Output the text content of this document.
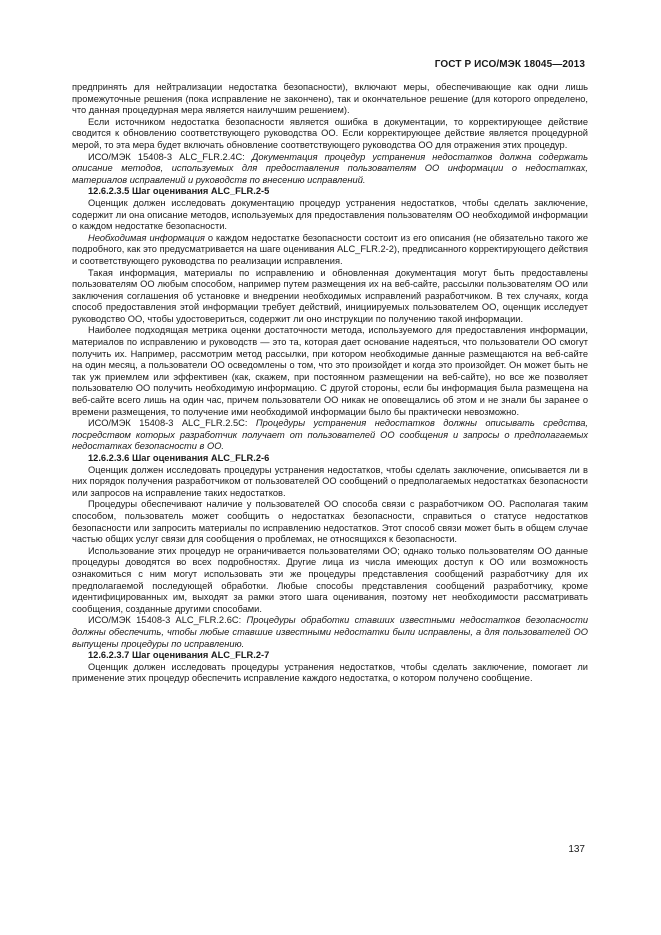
ГОСТ Р ИСО/МЭК 18045—2013

предпринять для нейтрализации недостатка безопасности), включают меры, обеспечивающие как одни лишь промежуточные решения (пока исправление не закончено), так и окончательное решение (для которого определено, что данная процедурная мера является наилучшим решением).

Если источником недостатка безопасности является ошибка в документации, то корректирующее действие сводится к обновлению соответствующего руководства ОО. Если корректирующее действие является процедурной мерой, то эта мера будет включать обновление соответствующего руководства ОО для отражения этих процедур.

ИСО/МЭК 15408-3 ALC_FLR.2.4C: Документация процедур устранения недостатков должна содержать описание методов, используемых для предоставления пользователям ОО информации о недостатках, материалов исправлений и руководств по внесению исправлений.

12.6.2.3.5 Шаг оценивания ALC_FLR.2-5

Оценщик должен исследовать документацию процедур устранения недостатков, чтобы сделать заключение, содержит ли она описание методов, используемых для предоставления пользователям ОО необходимой информации о каждом недостатке безопасности.

Необходимая информация о каждом недостатке безопасности состоит из его описания (не обязательно такого же подробного, как это предусматривается на шаге оценивания ALC_FLR.2-2), предписанного корректирующего действия и соответствующего руководства по реализации исправления.

Такая информация, материалы по исправлению и обновленная документация могут быть предоставлены пользователям ОО любым способом, например путем размещения их на веб-сайте, рассылки пользователям ОО или заключения соглашения об установке и внедрении необходимых исправлений разработчиком. В тех случаях, когда способ предоставления этой информации требует действий, инициируемых пользователем ОО, оценщик исследует руководство ОО, чтобы удостовериться, содержит ли оно инструкции по получению такой информации.

Наиболее подходящая метрика оценки достаточности метода, используемого для предоставления информации, материалов по исправлению и руководств — это та, которая дает основание надеяться, что пользователи ОО смогут получить их. Например, рассмотрим метод рассылки, при котором необходимые данные размещаются на веб-сайте на один месяц, а пользователи ОО осведомлены о том, что это произойдет и когда это произойдет. Он может быть не так уж приемлем или эффективен (как, скажем, при постоянном размещении на веб-сайте), но все же позволяет пользователю ОО получить необходимую информацию. С другой стороны, если бы информация была размещена на веб-сайте всего лишь на один час, причем пользователи ОО никак не оповещались об этом и не знали бы заранее о времени размещения, то получение ими необходимой информации было бы практически невозможно.

ИСО/МЭК 15408-3 ALC_FLR.2.5C: Процедуры устранения недостатков должны описывать средства, посредством которых разработчик получает от пользователей ОО сообщения и запросы о предполагаемых недостатках безопасности в ОО.

12.6.2.3.6 Шаг оценивания ALC_FLR.2-6

Оценщик должен исследовать процедуры устранения недостатков, чтобы сделать заключение, описывается ли в них порядок получения разработчиком от пользователей ОО сообщений о предполагаемых недостатках безопасности или запросов на исправление таких недостатков.

Процедуры обеспечивают наличие у пользователей ОО способа связи с разработчиком ОО. Располагая таким способом, пользователь может сообщить о недостатках безопасности, справиться о статусе недостатков безопасности или запросить материалы по исправлению недостатков. Этот способ связи может быть в общем случае частью общих услуг связи для сообщения о проблемах, не относящихся к безопасности.

Использование этих процедур не ограничивается пользователями ОО; однако только пользователям ОО данные процедуры доводятся во всех подробностях. Другие лица из числа имеющих доступ к ОО или возможность ознакомиться с ним могут использовать эти же процедуры представления сообщений разработчику для их предполагаемой последующей обработки. Любые способы представления сообщений разработчику, кроме идентифицированных им, выходят за рамки этого шага оценивания, поэтому нет необходимости рассматривать сообщения, созданные другими способами.

ИСО/МЭК 15408-3 ALC_FLR.2.6C: Процедуры обработки ставших известными недостатков безопасности должны обеспечить, чтобы любые ставшие известными недостатки были исправлены, а для пользователей ОО выпущены процедуры по исправлению.

12.6.2.3.7 Шаг оценивания ALC_FLR.2-7

Оценщик должен исследовать процедуры устранения недостатков, чтобы сделать заключение, помогает ли применение этих процедур обеспечить исправление каждого недостатка, о котором получено сообщение.

137
